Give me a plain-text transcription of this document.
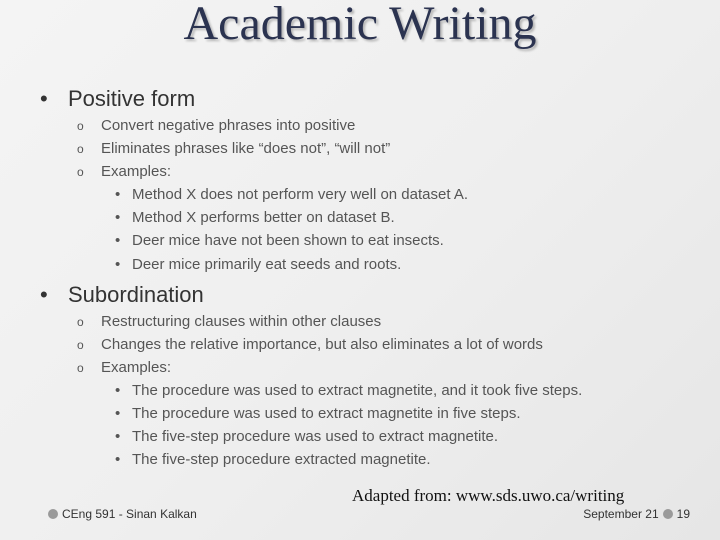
Academic Writing
• Positive form
o Convert negative phrases into positive
o Eliminates phrases like “does not”, “will not”
o Examples:
• Method X does not perform very well on dataset A.
• Method X performs better on dataset B.
• Deer mice have not been shown to eat insects.
• Deer mice primarily eat seeds and roots.
• Subordination
o Restructuring clauses within other clauses
o Changes the relative importance, but also eliminates a lot of words
o Examples:
• The procedure was used to extract magnetite, and it took five steps.
• The procedure was used to extract magnetite in five steps.
• The five-step procedure was used to extract magnetite.
• The five-step procedure extracted magnetite.
Adapted from: www.sds.uwo.ca/writing
CEng 591 - Sinan Kalkan	September 21 19
